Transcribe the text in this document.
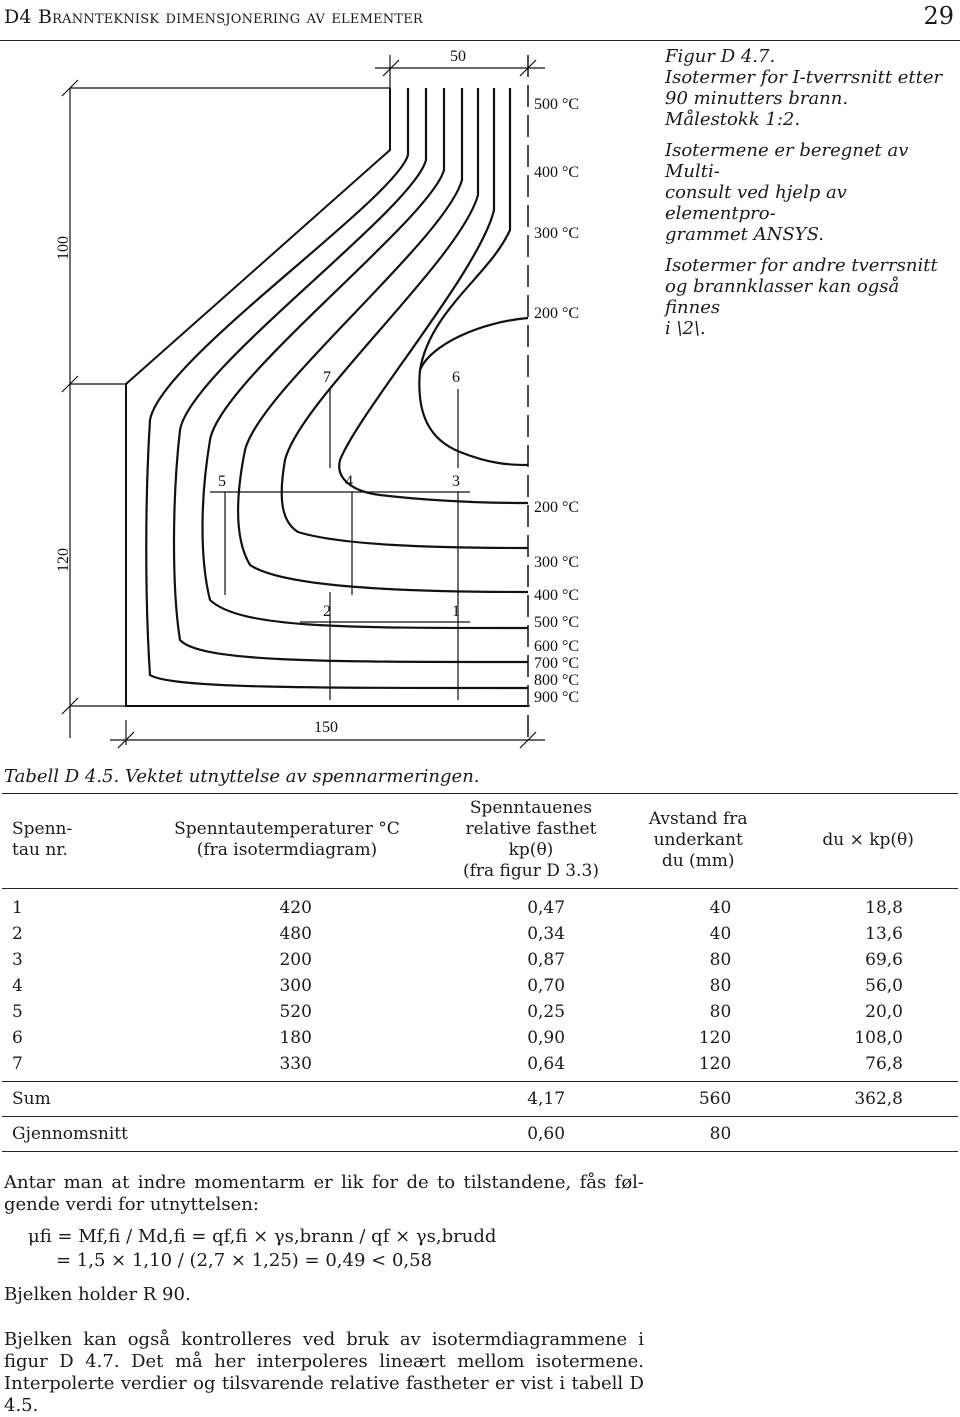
D4 Brannteknisk dimensjonering av elementer	29
50
100
120
150
500 °C
400 °C
300 °C
200 °C
200 °C
300 °C
400 °C
500 °C
600 °C
700 °C
800 °C
900 °C
7	6
5	4	3
2	1

Figur D 4.7.
Isotermer for I-tverrsnitt etter
90 minutters brann.
Målestokk 1:2.

Isotermene er beregnet av Multi-
consult ved hjelp av elementpro-
grammet ANSYS.

Isotermer for andre tverrsnitt
og brannklasser kan også finnes
i \2\.

Tabell D 4.5. Vektet utnyttelse av spennarmeringen.
Spenn-
tau nr.	Spenntautemperaturer °C
(fra isotermdiagram)	Spenntauenes
relative fasthet
kp(θ)
(fra figur D 3.3)	Avstand fra
underkant
du (mm)	du × kp(θ)
1	420	0,47	40	18,8
2	480	0,34	40	13,6
3	200	0,87	80	69,6
4	300	0,70	80	56,0
5	520	0,25	80	20,0
6	180	0,90	120	108,0
7	330	0,64	120	76,8
Sum		4,17	560	362,8
Gjennomsnitt		0,60	80	
Antar man at indre momentarm er lik for de to tilstandene, fås føl-
gende verdi for utnyttelsen:
μfi = Mf,fi / Md,fi = qf,fi × γs,brann / qf × γs,brudd
= 1,5 × 1,10 / (2,7 × 1,25) = 0,49 < 0,58
Bjelken holder R 90.
Bjelken kan også kontrolleres ved bruk av isotermdiagrammene i figur D 4.7. Det må her interpoleres lineært mellom isotermene. Interpolerte verdier og tilsvarende relative fastheter er vist i tabell D 4.5.
